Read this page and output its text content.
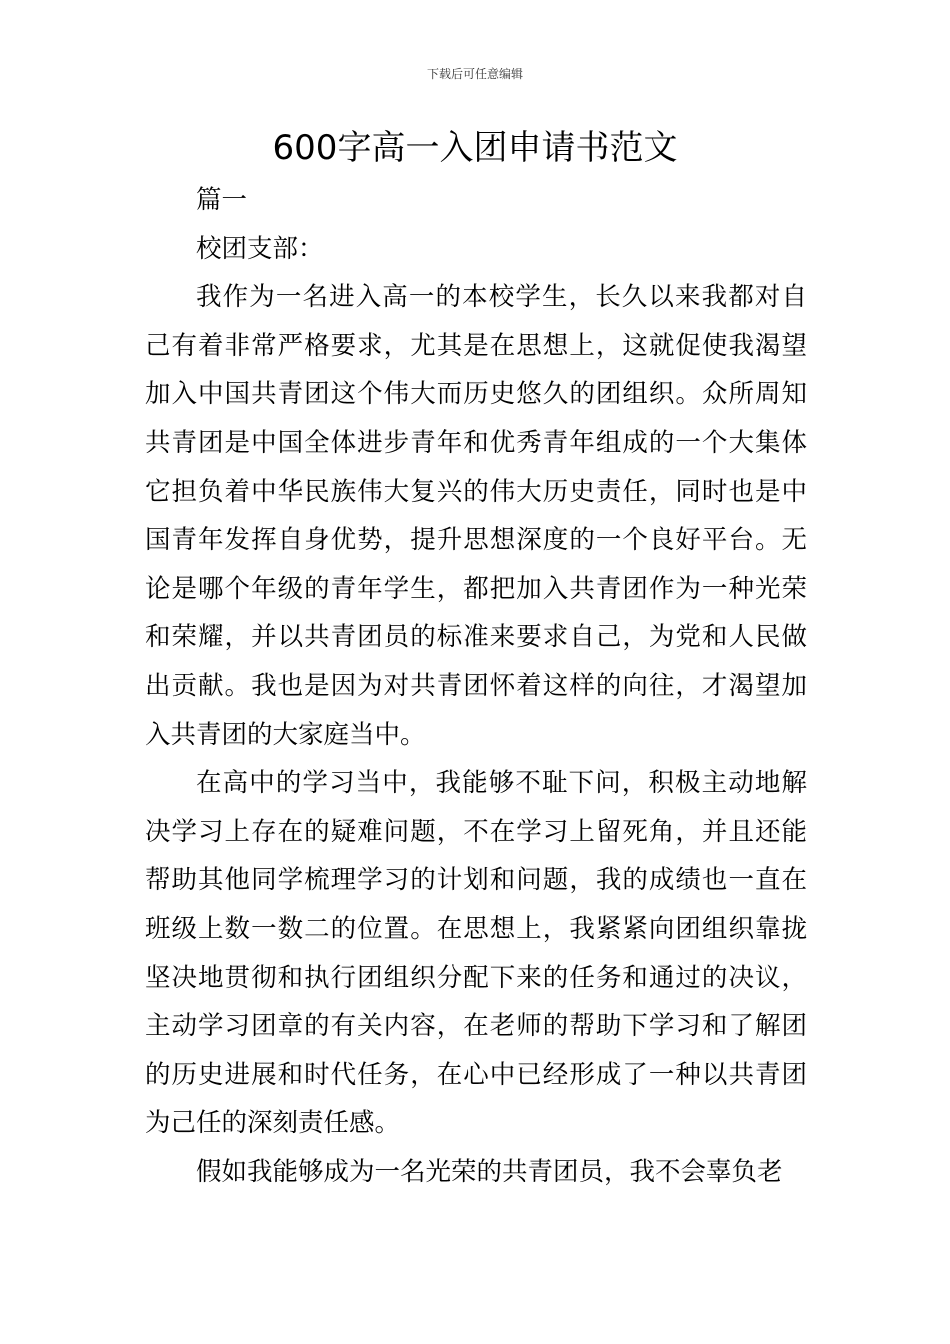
下载后可任意编辑
600字高一入团申请书范文

篇一

校团支部：

我作为一名进入高一的本校学生，长久以来我都对自己有着非常严格要求，尤其是在思想上，这就促使我渴望加入中国共青团这个伟大而历史悠久的团组织。众所周知共青团是中国全体进步青年和优秀青年组成的一个大集体它担负着中华民族伟大复兴的伟大历史责任，同时也是中国青年发挥自身优势，提升思想深度的一个良好平台。无论是哪个年级的青年学生，都把加入共青团作为一种光荣和荣耀，并以共青团员的标准来要求自己，为党和人民做出贡献。我也是因为对共青团怀着这样的向往，才渴望加入共青团的大家庭当中。

在高中的学习当中，我能够不耻下问，积极主动地解决学习上存在的疑难问题，不在学习上留死角，并且还能帮助其他同学梳理学习的计划和问题，我的成绩也一直在班级上数一数二的位置。在思想上，我紧紧向团组织靠拢坚决地贯彻和执行团组织分配下来的任务和通过的决议，主动学习团章的有关内容，在老师的帮助下学习和了解团的历史进展和时代任务，在心中已经形成了一种以共青团为己任的深刻责任感。

假如我能够成为一名光荣的共青团员，我不会辜负老
